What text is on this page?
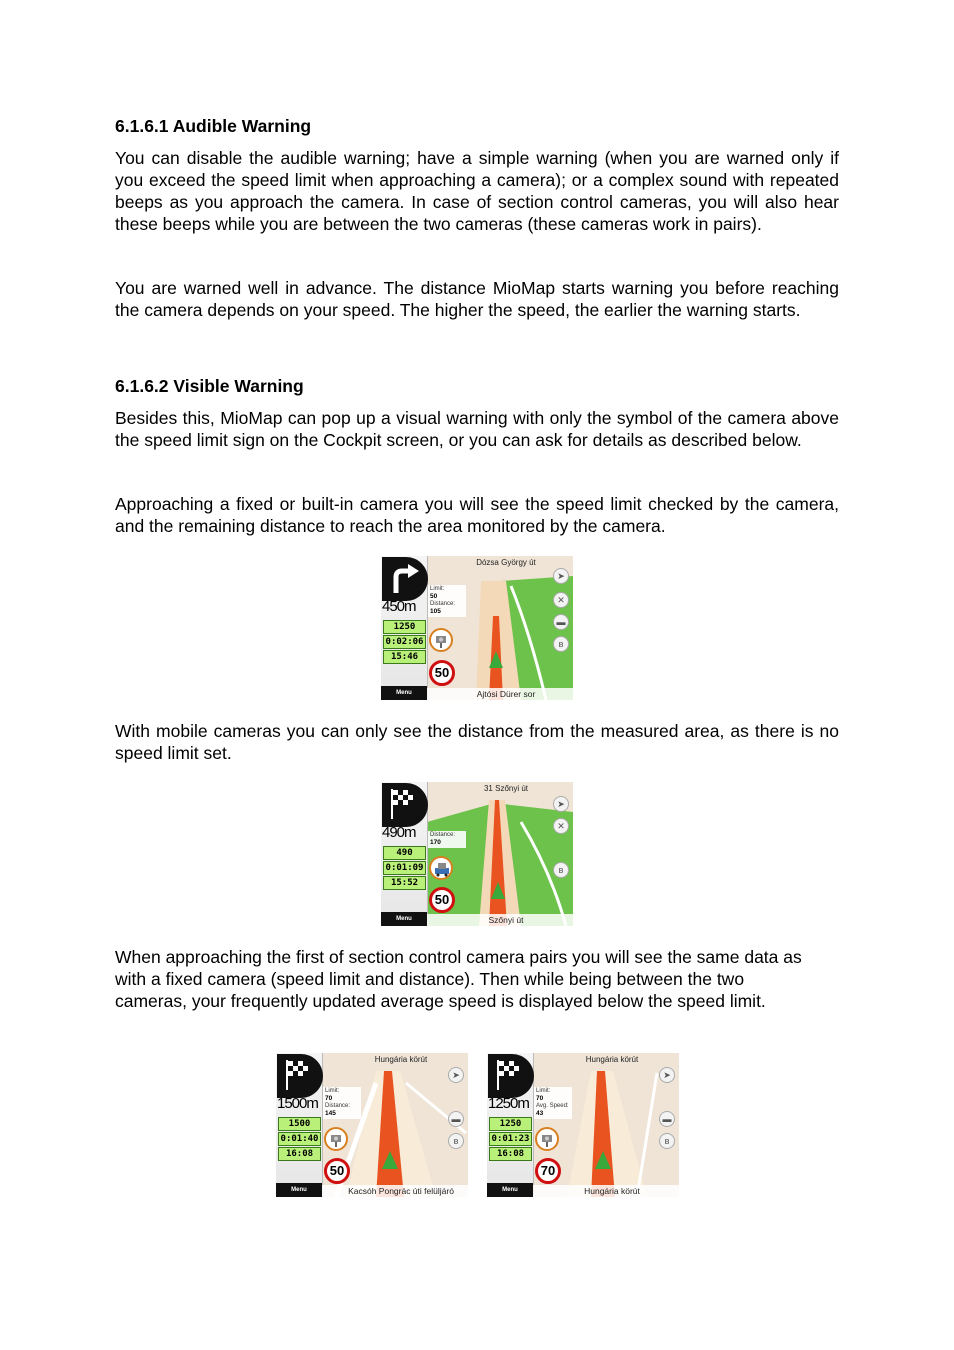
6.1.6.1 Audible Warning
You can disable the audible warning; have a simple warning (when you are warned only if you exceed the speed limit when approaching a camera); or a complex sound with repeated beeps as you approach the camera. In case of section control cameras, you will also hear these beeps while you are between the two cameras (these cameras work in pairs).
You are warned well in advance. The distance MioMap starts warning you before reaching the camera depends on your speed. The higher the speed, the earlier the warning starts.
6.1.6.2 Visible Warning
Besides this, MioMap can pop up a visual warning with only the symbol of the camera above the speed limit sign on the Cockpit screen, or you can ask for details as described below.
Approaching a fixed or built-in camera you will see the speed limit checked by the camera, and the remaining distance to reach the area monitored by the camera.
With mobile cameras you can only see the distance from the measured area, as there is no speed limit set.
When approaching the first of section control camera pairs you will see the same data as with a fixed camera (speed limit and distance). Then while being between the two cameras, your frequently updated average speed is displayed below the speed limit.
Dózsa György út
450m
1250
0:02:06
15:46
Menu
Limit:
50
Distance:
105
50
➤
✕
▬
ʙ
Ajtósi Dürer sor
31 Szőnyi út
490m
490
0:01:09
15:52
Menu
Distance:
170
50
➤
✕
ʙ
Szőnyi út
Hungária körút
1500m
1500
0:01:40
16:08
Menu
Limit:
70
Distance:
145
50
➤
▬
ʙ
Kacsóh Pongrác úti felüljáró
Hungária körút
1250m
1250
0:01:23
16:08
Menu
Limit:
70
Avg. Speed:
43
70
➤
▬
ʙ
Hungária körút
